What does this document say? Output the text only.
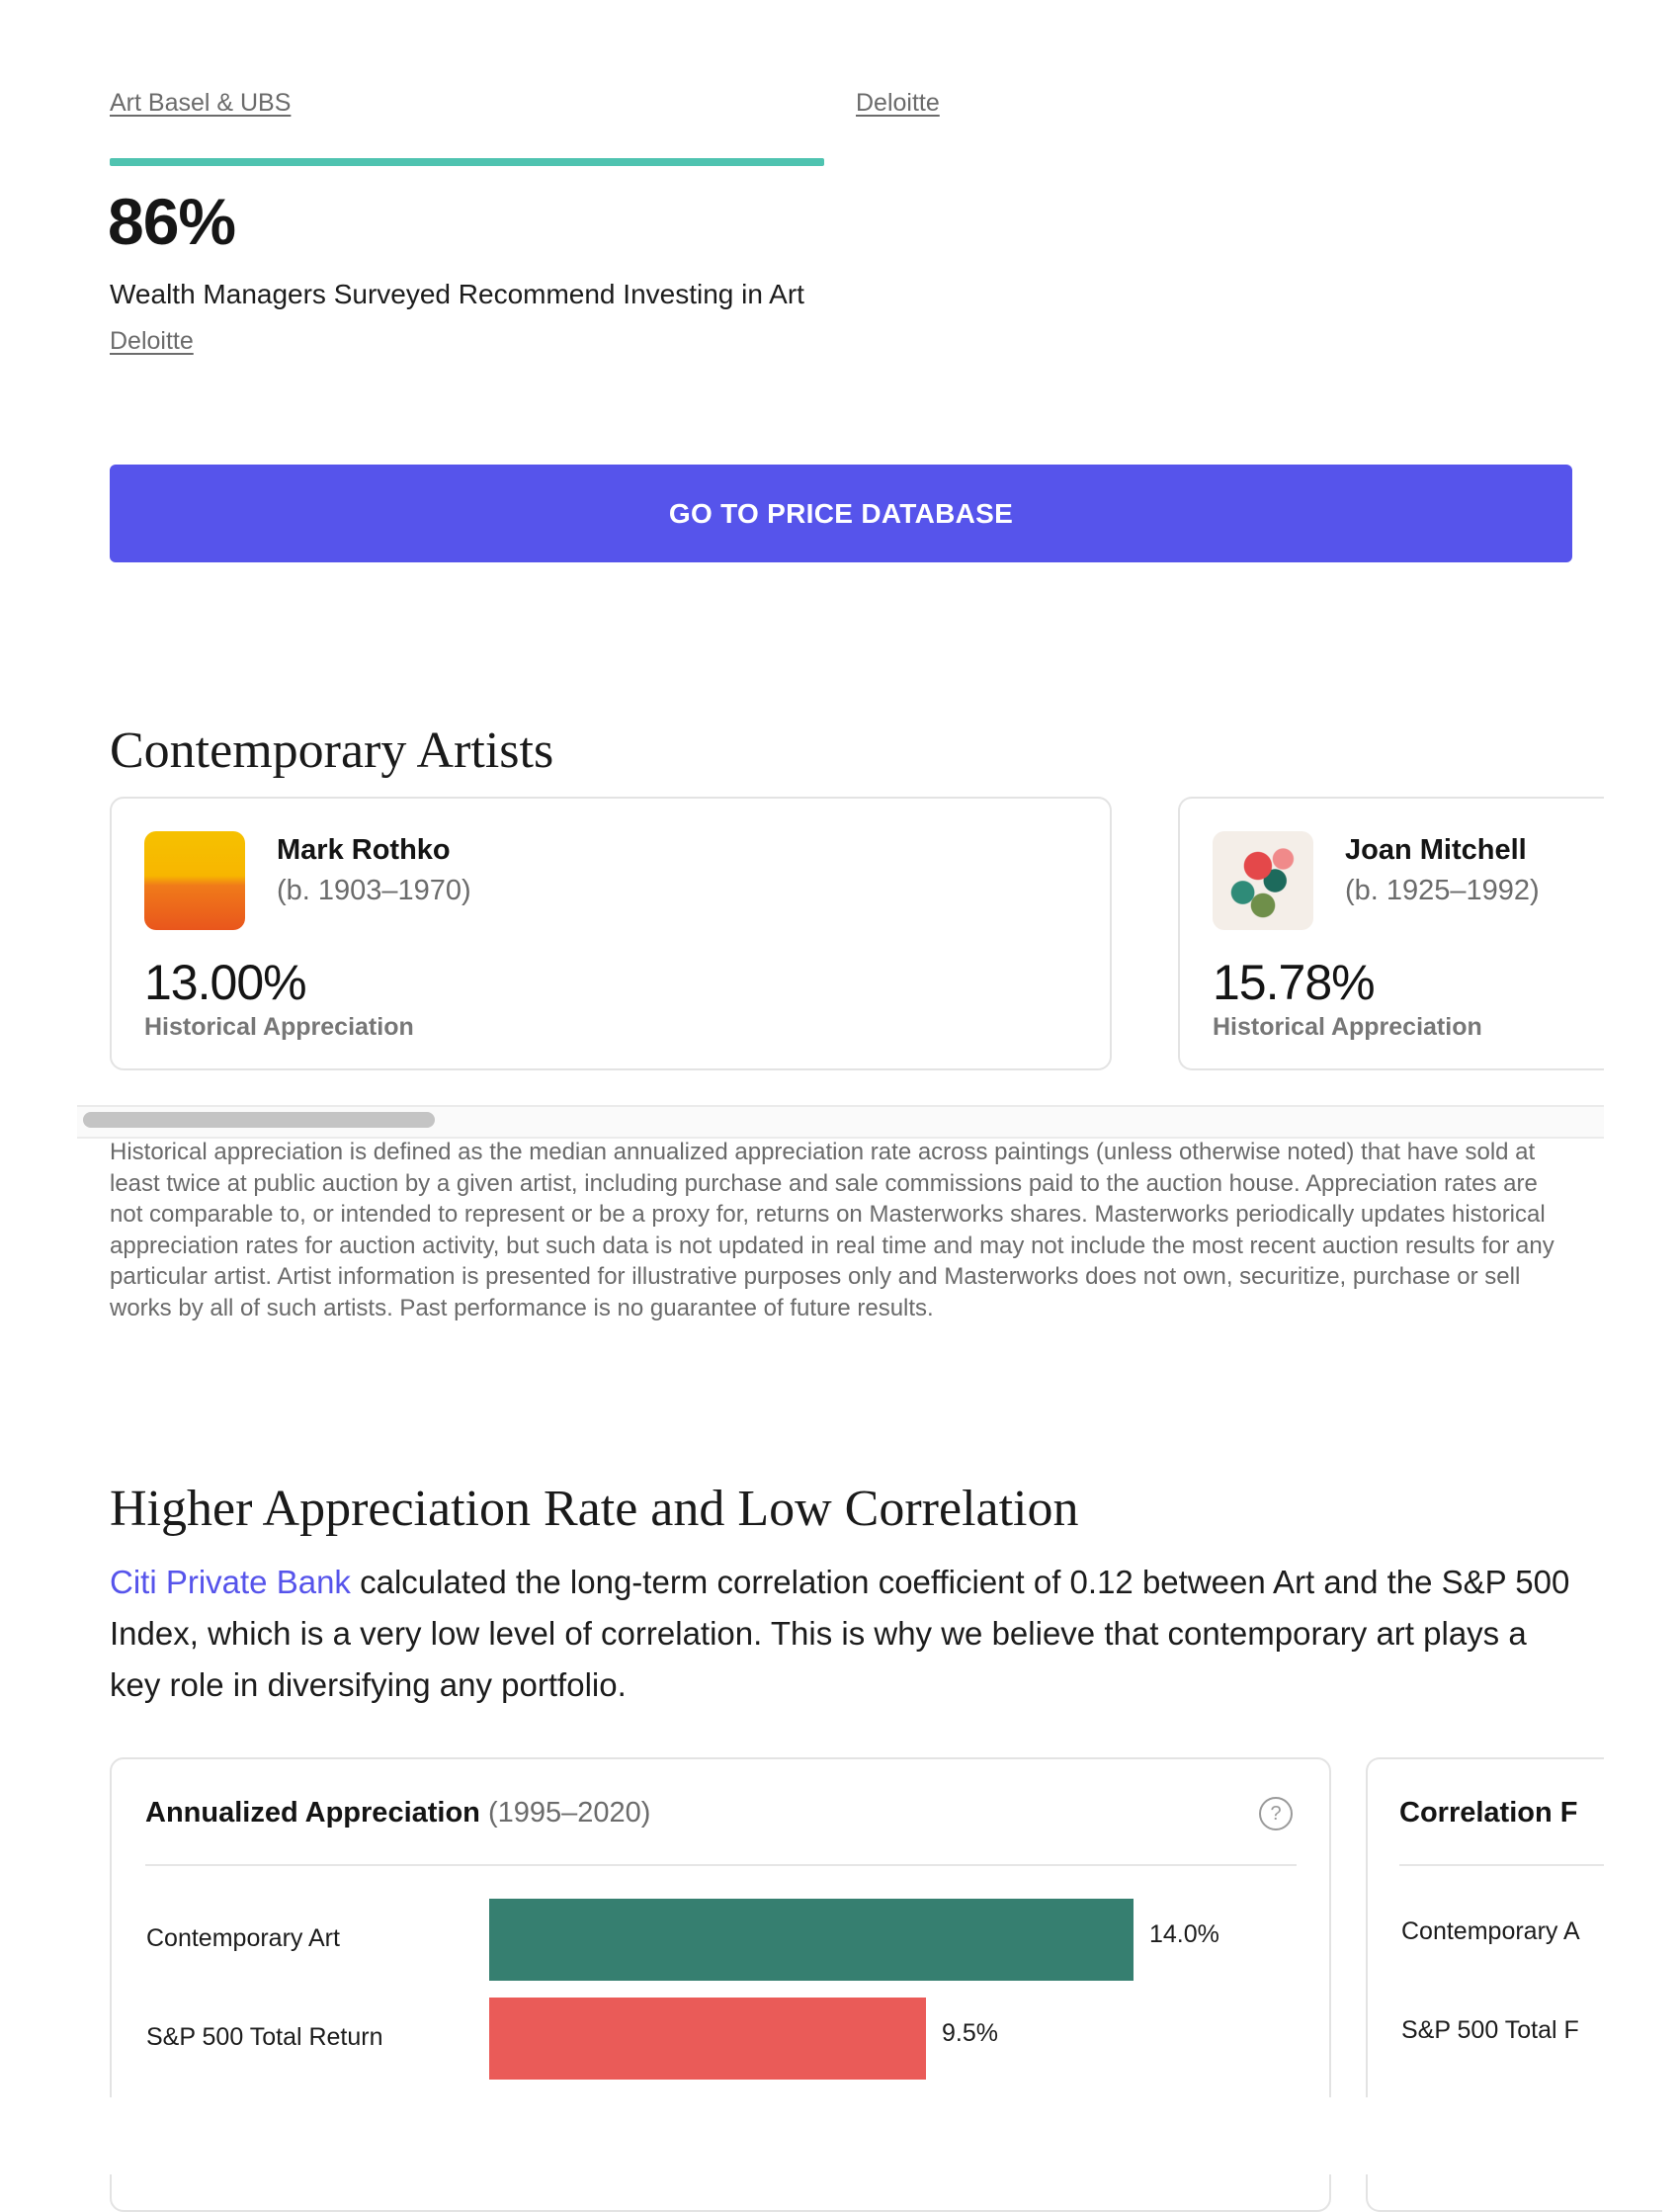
Art Basel & UBS	Deloitte
86%
Wealth Managers Surveyed Recommend Investing in Art
Deloitte
GO TO PRICE DATABASE
Contemporary Artists
Mark Rothko
(b. 1903–1970)
13.00%
Historical Appreciation
Joan Mitchell
(b. 1925–1992)
15.78%
Historical Appreciation
Historical appreciation is defined as the median annualized appreciation rate across paintings (unless otherwise noted) that have sold at least twice at public auction by a given artist, including purchase and sale commissions paid to the auction house. Appreciation rates are not comparable to, or intended to represent or be a proxy for, returns on Masterworks shares. Masterworks periodically updates historical appreciation rates for auction activity, but such data is not updated in real time and may not include the most recent auction results for any particular artist. Artist information is presented for illustrative purposes only and Masterworks does not own, securitize, purchase or sell works by all of such artists. Past performance is no guarantee of future results.
Higher Appreciation Rate and Low Correlation

Citi Private Bank calculated the long-term correlation coefficient of 0.12 between Art and the S&P 500 Index, which is a very low level of correlation. This is why we believe that contemporary art plays a key role in diversifying any portfolio.

Annualized Appreciation (1995–2020)	?
Contemporary Art	14.0%
S&P 500 Total Return	9.5%
Correlation F
Contemporary A
S&P 500 Total F
